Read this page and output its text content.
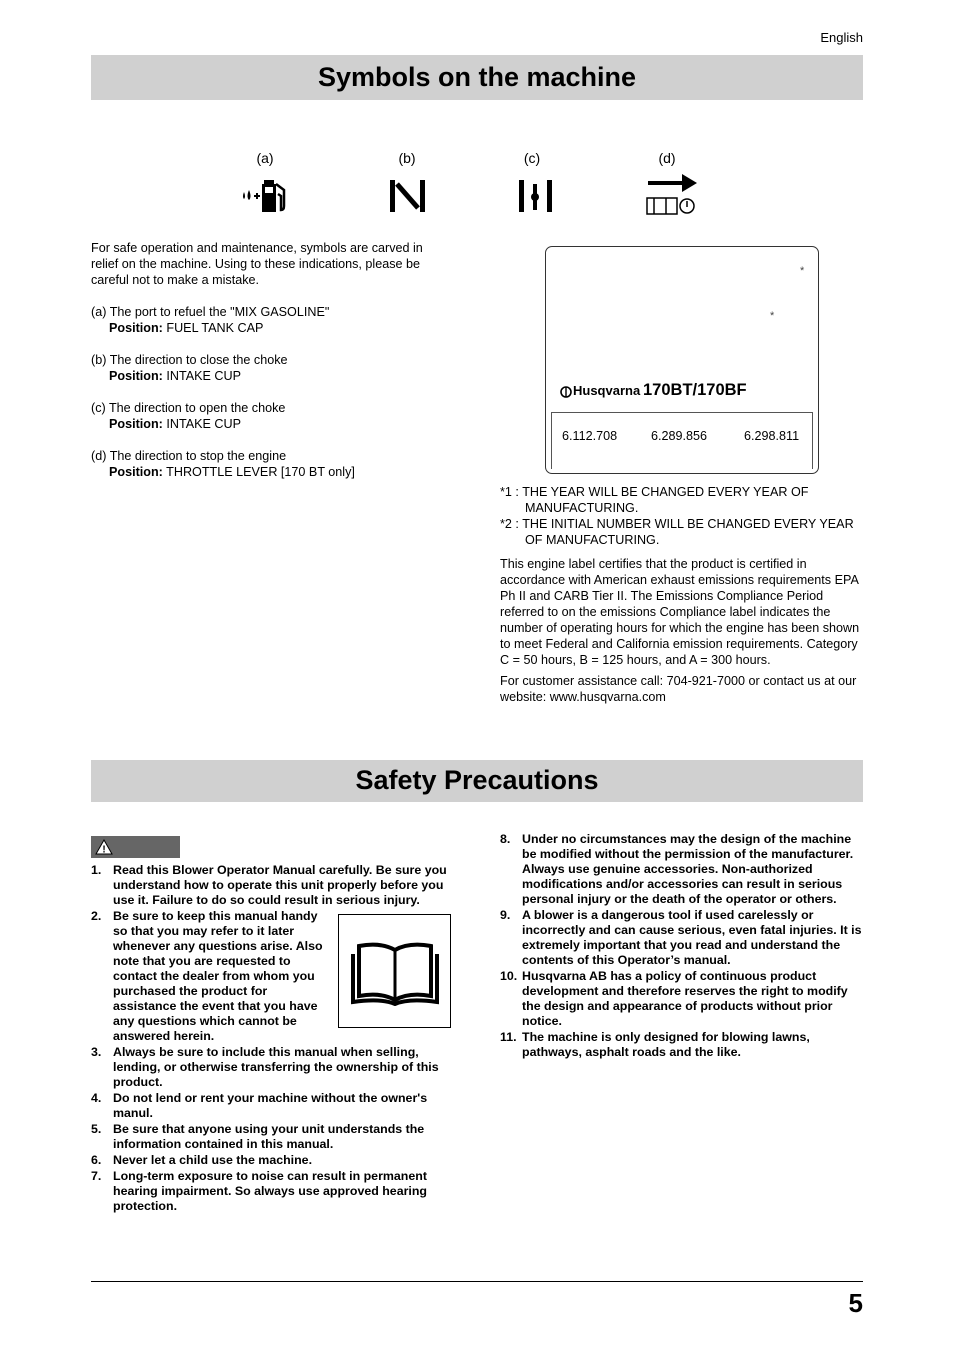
English
Symbols on the machine
(a)	(b)	(c)	(d)

For safe operation and maintenance, symbols are carved in relief on the machine. Using to these indications, please be careful not to make a mistake.

(a) The port to refuel the "MIX GASOLINE"

Position: FUEL TANK CAP

(b) The direction to close the choke

Position: INTAKE CUP

(c) The direction to open the choke

Position: INTAKE CUP

(d) The direction to stop the engine

Position: THROTTLE LEVER [170 BT only]

*
*
Husqvarna 170BT/170BF
6.112.708	6.289.856	6.298.811

*1 : THE YEAR WILL BE CHANGED EVERY YEAR OF MANUFACTURING.

*2 : THE INITIAL NUMBER WILL BE CHANGED EVERY YEAR OF MANUFACTURING.

This engine label certifies that the product is certified in accordance with American exhaust emissions requirements EPA Ph II and CARB Tier II. The Emissions Compliance Period referred to on the emissions Compliance label indicates the number of operating hours for which the engine has been shown to meet Federal and California emission requirements. Category C = 50 hours, B = 125 hours, and A = 300 hours.

For customer assistance call: 704-921-7000 or contact us at our website: www.husqvarna.com

Safety Precautions
!
1. Read this Blower Operator Manual carefully. Be sure you understand how to operate this unit properly before you use it. Failure to do so could result in serious injury.
2. Be sure to keep this manual handy so that you may refer to it later whenever any questions arise. Also note that you are requested to contact the dealer from whom you purchased the product for assistance the event that you have any questions which cannot be answered herein.
3. Always be sure to include this manual when selling, lending, or otherwise transferring the ownership of this product.
4. Do not lend or rent your machine without the owner's manul.
5. Be sure that anyone using your unit understands the information contained in this manual.
6. Never let a child use the machine.
7. Long-term exposure to noise can result in permanent hearing impairment. So always use approved hearing protection.
8. Under no circumstances may the design of the machine be modified without the permission of the manufacturer. Always use genuine accessories. Non-authorized modifications and/or accessories can result in serious personal injury or the death of the operator or others.
9. A blower is a dangerous tool if used carelessly or incorrectly and can cause serious, even fatal injuries. It is extremely important that you read and understand the contents of this Operator’s manual.
10. Husqvarna AB has a policy of continuous product development and therefore reserves the right to modify the design and appearance of products without prior notice.
11. The machine is only designed for blowing lawns, pathways, asphalt roads and the like.
5
